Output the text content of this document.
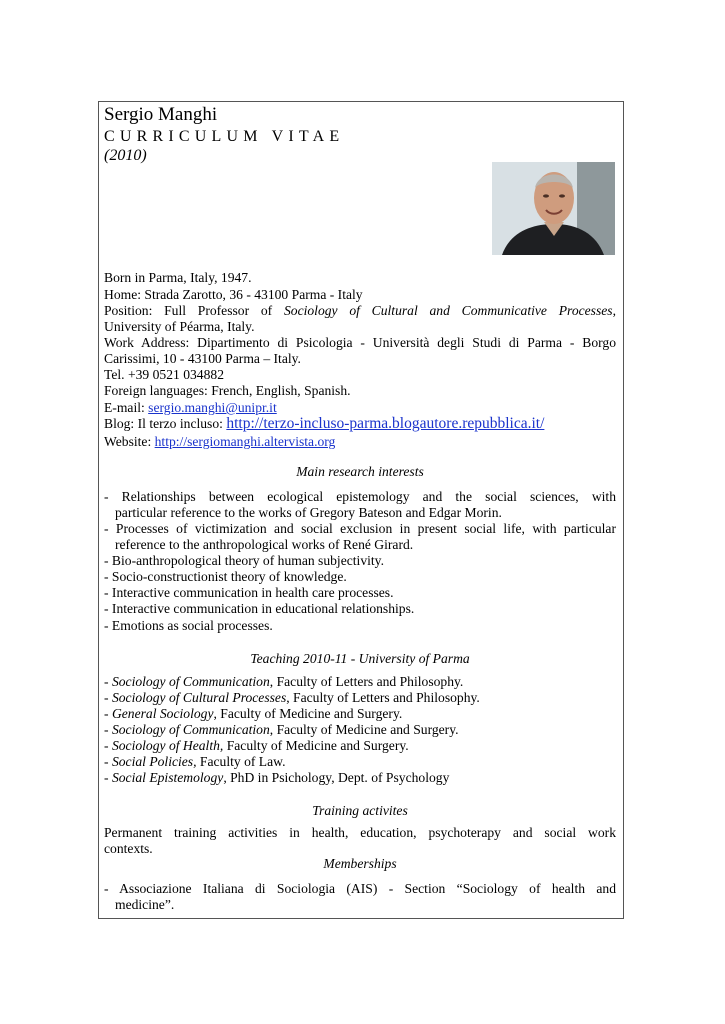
Sergio Manghi
CURRICULUM VITAE
(2010)
Born in Parma, Italy, 1947.
Home: Strada Zarotto, 36 - 43100 Parma - Italy
Position: Full Professor of Sociology of Cultural and Communicative Processes,
University of Péarma, Italy.
Work Address: Dipartimento di Psicologia - Università degli Studi di Parma - Borgo
Carissimi, 10 - 43100 Parma – Italy.
Tel. +39 0521 034882
Foreign languages: French, English, Spanish.
E-mail: sergio.manghi@unipr.it
Blog: Il terzo incluso: http://terzo-incluso-parma.blogautore.repubblica.it/
Website: http://sergiomanghi.altervista.org
Main research interests
- Relationships between ecological epistemology and the social sciences, with
particular reference to the works of Gregory Bateson and Edgar Morin.
- Processes of victimization and social exclusion in present social life, with particular
reference to the anthropological works of René Girard.
- Bio-anthropological theory of human subjectivity.
- Socio-constructionist theory of knowledge.
- Interactive communication in health care processes.
- Interactive communication in educational relationships.
- Emotions as social processes.
Teaching 2010-11 - University of Parma
- Sociology of Communication, Faculty of Letters and Philosophy.
- Sociology of Cultural Processes, Faculty of Letters and Philosophy.
- General Sociology, Faculty of Medicine and Surgery.
- Sociology of Communication, Faculty of Medicine and Surgery.
- Sociology of Health, Faculty of Medicine and Surgery.
- Social Policies, Faculty of Law.
- Social Epistemology, PhD in Psichology, Dept. of Psychology
Training activites
Permanent training activities in health, education, psychoterapy and social work
contexts.
Memberships
- Associazione Italiana di Sociologia (AIS) - Section “Sociology of health and
medicine”.
